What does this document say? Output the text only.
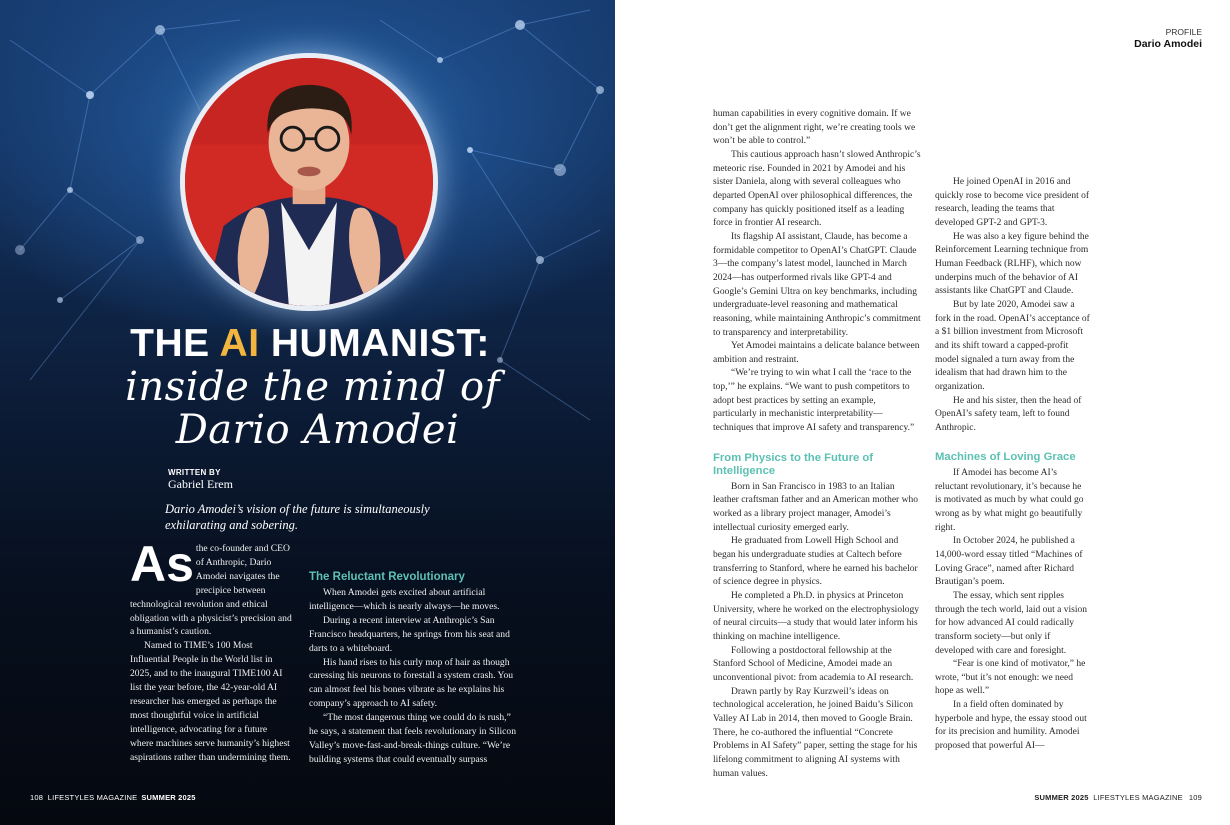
THE AI HUMANIST:
inside the mind of
Dario Amodei
WRITTEN BY
Gabriel Erem
Dario Amodei’s vision of the future is simultaneously exhilarating and sobering.

As the co-founder and CEO of Anthropic, Dario Amodei navigates the precipice between technological revolution and ethical obligation with a physicist’s precision and a humanist’s caution.

Named to TIME’s 100 Most Influential People in the World list in 2025, and to the inaugural TIME100 AI list the year before, the 42-year-old AI researcher has emerged as perhaps the most thoughtful voice in artificial intelligence, advocating for a future where machines serve humanity’s highest aspirations rather than undermining them.

The Reluctant Revolutionary

When Amodei gets excited about artificial intelligence—which is nearly always—he moves.

During a recent interview at Anthropic’s San Francisco headquarters, he springs from his seat and darts to a whiteboard.

His hand rises to his curly mop of hair as though caressing his neurons to forestall a system crash. You can almost feel his bones vibrate as he explains his company’s approach to AI safety.

“The most dangerous thing we could do is rush,” he says, a statement that feels revolutionary in Silicon Valley’s move-fast-and-break-things culture. “We’re building systems that could eventually surpass

108 LIFESTYLES MAGAZINE SUMMER 2025
PROFILE
Dario Amodei

human capabilities in every cognitive domain. If we don’t get the alignment right, we’re creating tools we won’t be able to control.”

This cautious approach hasn’t slowed Anthropic’s meteoric rise. Founded in 2021 by Amodei and his sister Daniela, along with several colleagues who departed OpenAI over philosophical differences, the company has quickly positioned itself as a leading force in frontier AI research.

Its flagship AI assistant, Claude, has become a formidable competitor to OpenAI’s ChatGPT. Claude 3—the company’s latest model, launched in March 2024—has outperformed rivals like GPT-4 and Google’s Gemini Ultra on key benchmarks, including undergraduate-level reasoning and mathematical reasoning, while maintaining Anthropic’s commitment to transparency and interpretability.

Yet Amodei maintains a delicate balance between ambition and restraint.

“We’re trying to win what I call the ‘race to the top,’” he explains. “We want to push competitors to adopt best practices by setting an example, particularly in mechanistic interpretability—techniques that improve AI safety and transparency.”

From Physics to the Future of Intelligence

Born in San Francisco in 1983 to an Italian leather craftsman father and an American mother who worked as a library project manager, Amodei’s intellectual curiosity emerged early.

He graduated from Lowell High School and began his undergraduate studies at Caltech before transferring to Stanford, where he earned his bachelor of science degree in physics.

He completed a Ph.D. in physics at Princeton University, where he worked on the electrophysiology of neural circuits—a study that would later inform his thinking on machine intelligence.

Following a postdoctoral fellowship at the Stanford School of Medicine, Amodei made an unconventional pivot: from academia to AI research.

Drawn partly by Ray Kurzweil’s ideas on technological acceleration, he joined Baidu’s Silicon Valley AI Lab in 2014, then moved to Google Brain. There, he co-authored the influential “Concrete Problems in AI Safety” paper, setting the stage for his lifelong commitment to aligning AI systems with human values.

He joined OpenAI in 2016 and quickly rose to become vice president of research, leading the teams that developed GPT-2 and GPT-3.

He was also a key figure behind the Reinforcement Learning technique from Human Feedback (RLHF), which now underpins much of the behavior of AI assistants like ChatGPT and Claude.

But by late 2020, Amodei saw a fork in the road. OpenAI’s acceptance of a $1 billion investment from Microsoft and its shift toward a capped-profit model signaled a turn away from the idealism that had drawn him to the organization.

He and his sister, then the head of OpenAI’s safety team, left to found Anthropic.

Machines of Loving Grace

If Amodei has become AI’s reluctant revolutionary, it’s because he is motivated as much by what could go wrong as by what might go beautifully right.

In October 2024, he published a 14,000-word essay titled “Machines of Loving Grace”, named after Richard Brautigan’s poem.

The essay, which sent ripples through the tech world, laid out a vision for how advanced AI could radically transform society—but only if developed with care and foresight.

“Fear is one kind of motivator,” he wrote, “but it’s not enough: we need hope as well.”

In a field often dominated by hyperbole and hype, the essay stood out for its precision and humility. Amodei proposed that powerful AI—

SUMMER 2025 LIFESTYLES MAGAZINE 109
